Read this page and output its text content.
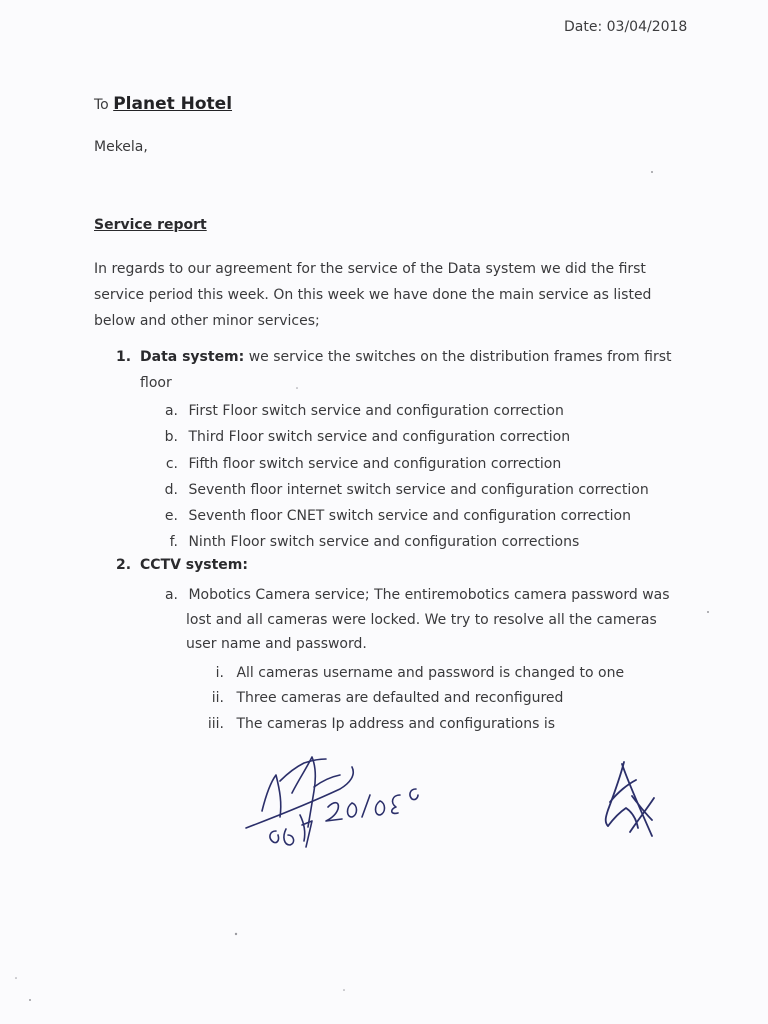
Date: 03/04/2018
To Planet Hotel
Mekela,
Service report
In regards to our agreement for the service of the Data system we did the first
service period this week. On this week we have done the main service as listed
below and other minor services;
1. Data system: we service the switches on the distribution frames from first
floor
a. First Floor switch service and configuration correction
b. Third Floor switch service and configuration correction
c. Fifth floor switch service and configuration correction
d. Seventh floor internet switch service and configuration correction
e. Seventh floor CNET switch service and configuration correction
f. Ninth Floor switch service and configuration corrections
2. CCTV system:
a. Mobotics Camera service; The entiremobotics camera password was
lost and all cameras were locked. We try to resolve all the cameras
user name and password.
i. All cameras username and password is changed to one
ii. Three cameras are defaulted and reconfigured
iii. The cameras Ip address and configurations is
